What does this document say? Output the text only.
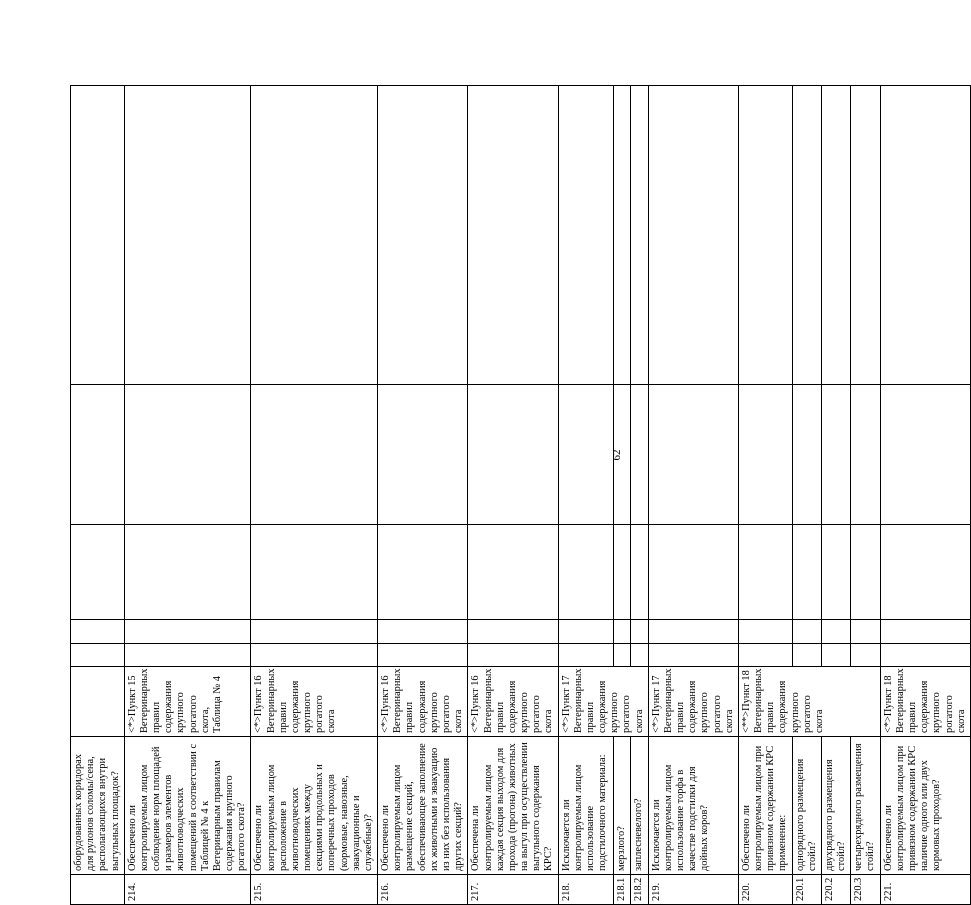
62
	оборудованных коридорах для рулонов соломы/сена, располагающихся внутри выгульных площадок?						
214.	Обеспечено ли контролируемым лицом соблюдение норм площадей и размеров элементов животноводческих помещений в соответствии с Таблицей № 4 к Ветеринарным правилам содержания крупного рогатого скота?	<*>Пункт 15 Ветеринарных правил содержания крупного рогатого скота, Таблица № 4					
215.	Обеспечено ли контролируемым лицом расположение в животноводческих помещениях между секциями продольных и поперечных проходов (кормовые, навозные, эвакуационные и служебные)?	<*>Пункт 16 Ветеринарных правил содержания крупного рогатого скота					
216.	Обеспечено ли контролируемым лицом размещение секций, обеспечивающее заполнение их животными и эвакуацию из них без использования других секций?	<*>Пункт 16 Ветеринарных правил содержания крупного рогатого скота					
217.	Обеспечена ли контролируемым лицом каждая секция выходом для прохода (прогона) животных на выгул при осуществлении выгульного содержания КРС?	<*>Пункт 16 Ветеринарных правил содержания крупного рогатого скота					
218.	Исключается ли контролируемым лицом использование подстилочного материала:	<*>Пункт 17 Ветеринарных правил содержания крупного рогатого скота					
218.1	мерзлого?						
218.2	заплесневелого?						
219.	Исключается ли контролируемым лицом использование торфа в качестве подстилки для дойных коров?	<*>Пункт 17 Ветеринарных правил содержания крупного рогатого скота					
220.	Обеспечено ли контролируемым лицом при привязном содержании КРС применение:	<**>Пункт 18 Ветеринарных правил содержания крупного рогатого скота					
220.1	однорядного размещения стойл?						
220.2	двухрядного размещения стойл?						
220.3	четырехрядного размещения стойл?						
221.	Обеспечено ли контролируемым лицом при привязном содержании КРС наличие одного или двух кормовых проходов?	<*>Пункт 18 Ветеринарных правил содержания крупного рогатого скота					
